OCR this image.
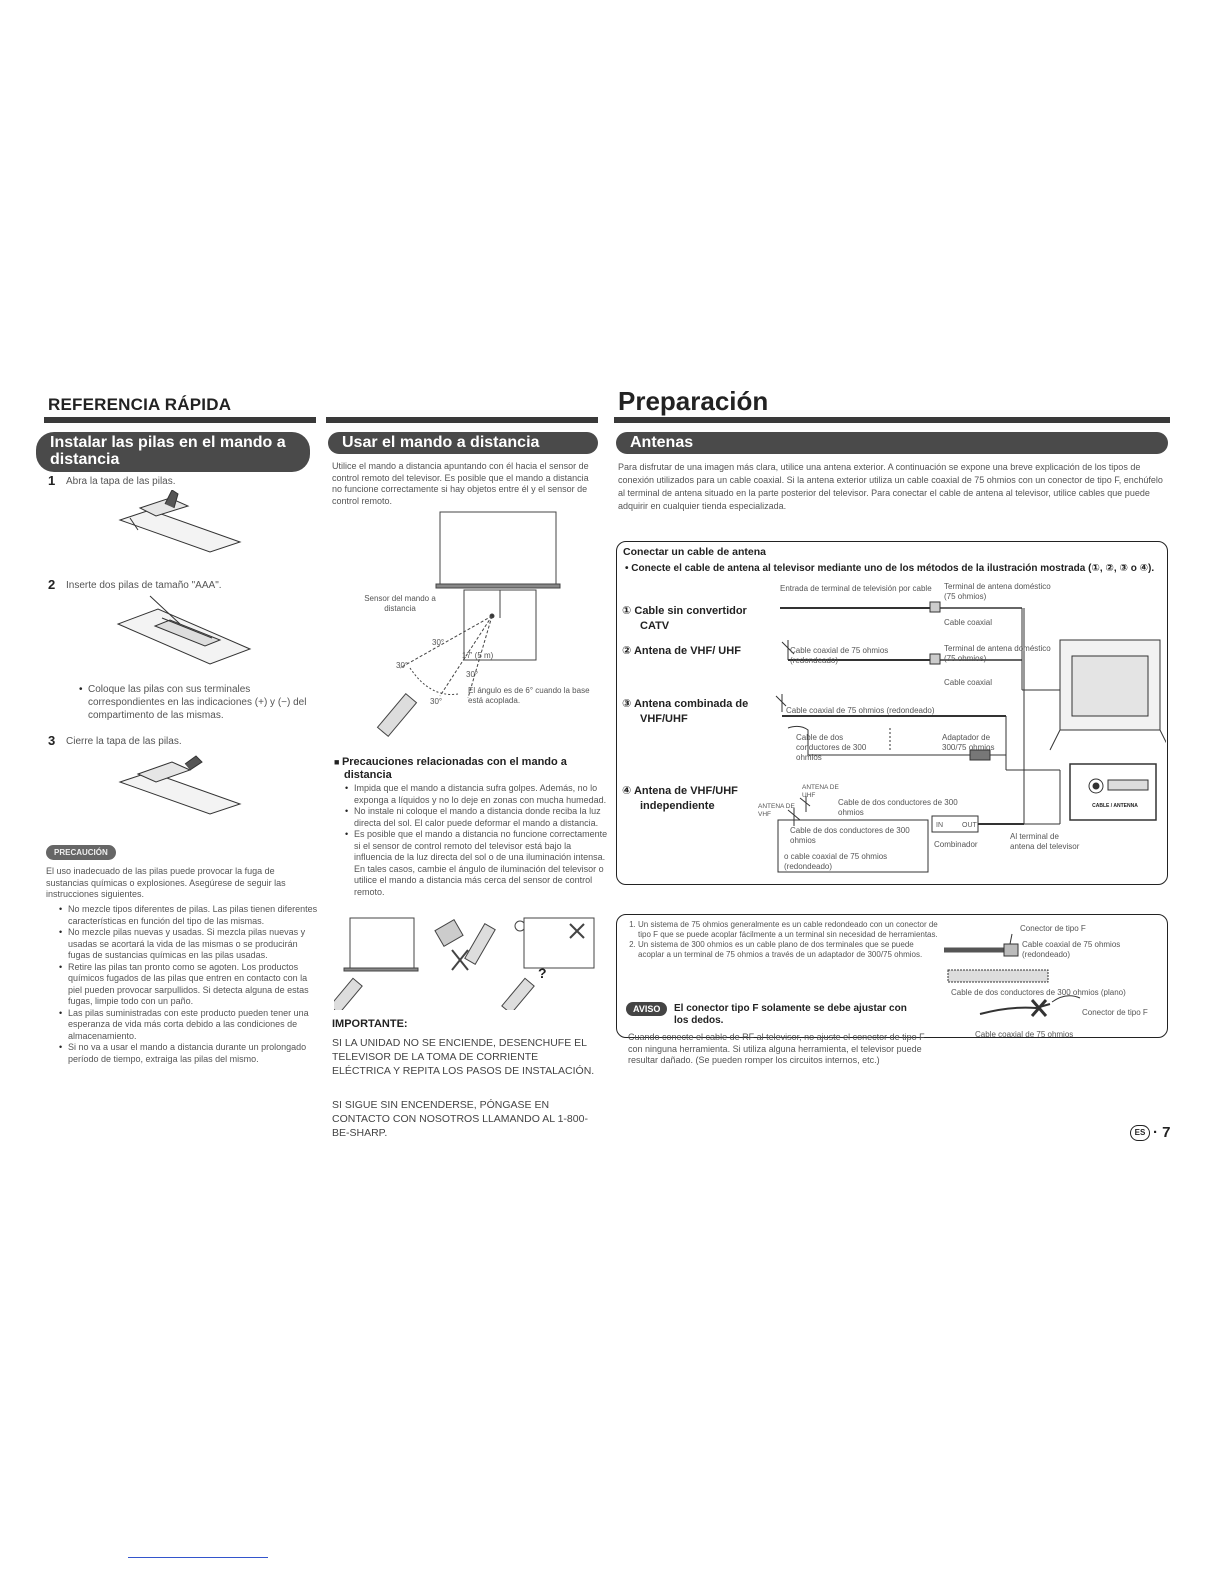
REFERENCIA RÁPIDA	Preparación
Instalar las pilas en el mando a distancia
1 Abra la tapa de las pilas.
2 Inserte dos pilas de tamaño "AAA".
• Coloque las pilas con sus terminales correspondientes en las indicaciones (+) y (−) del compartimento de las mismas.
3 Cierre la tapa de las pilas.
PRECAUCIÓN
El uso inadecuado de las pilas puede provocar la fuga de sustancias químicas o explosiones. Asegúrese de seguir las instrucciones siguientes.
• No mezcle tipos diferentes de pilas. Las pilas tienen diferentes características en función del tipo de las mismas.
• No mezcle pilas nuevas y usadas. Si mezcla pilas nuevas y usadas se acortará la vida de las mismas o se producirán fugas de sustancias químicas en las pilas usadas.
• Retire las pilas tan pronto como se agoten. Los productos químicos fugados de las pilas que entren en contacto con la piel pueden provocar sarpullidos. Si detecta alguna de estas fugas, limpie todo con un paño.
• Las pilas suministradas con este producto pueden tener una esperanza de vida más corta debido a las condiciones de almacenamiento.
• Si no va a usar el mando a distancia durante un prolongado período de tiempo, extraiga las pilas del mismo.
Usar el mando a distancia
Utilice el mando a distancia apuntando con él hacia el sensor de control remoto del televisor. Es posible que el mando a distancia no funcione correctamente si hay objetos entre él y el sensor de control remoto.
Sensor del mando a distancia
30°
30°
30°
30°
17' (5 m)
El ángulo es de 6° cuando la base está acoplada.
■ Precauciones relacionadas con el mando a distancia
• Impida que el mando a distancia sufra golpes. Además, no lo exponga a líquidos y no lo deje en zonas con mucha humedad.
• No instale ni coloque el mando a distancia donde reciba la luz directa del sol. El calor puede deformar el mando a distancia.
• Es posible que el mando a distancia no funcione correctamente si el sensor de control remoto del televisor está bajo la influencia de la luz directa del sol o de una iluminación intensa. En tales casos, cambie el ángulo de iluminación del televisor o utilice el mando a distancia más cerca del sensor de control remoto.
?
IMPORTANTE:
SI LA UNIDAD NO SE ENCIENDE, DESENCHUFE EL TELEVISOR DE LA TOMA DE CORRIENTE ELÉCTRICA Y REPITA LOS PASOS DE INSTALACIÓN.
SI SIGUE SIN ENCENDERSE, PÓNGASE EN CONTACTO CON NOSOTROS LLAMANDO AL 1-800-BE-SHARP.
Antenas
Para disfrutar de una imagen más clara, utilice una antena exterior. A continuación se expone una breve explicación de los tipos de conexión utilizados para un cable coaxial. Si la antena exterior utiliza un cable coaxial de 75 ohmios con un conector de tipo F, enchúfelo al terminal de antena situado en la parte posterior del televisor. Para conectar el cable de antena al televisor, utilice cables que puede adquirir en cualquier tienda especializada.
Conectar un cable de antena
• Conecte el cable de antena al televisor mediante uno de los métodos de la ilustración mostrada (①, ②, ③ o ④).
① Cable sin convertidor CATV
② Antena de VHF/ UHF
③ Antena combinada de VHF/UHF
④ Antena de VHF/UHF independiente
Entrada de terminal de televisión por cable	Terminal de antena doméstico (75 ohmios)
Cable coaxial
Cable coaxial de 75 ohmios (redondeado)
Terminal de antena doméstico (75 ohmios)
Cable coaxial
Cable coaxial de 75 ohmios (redondeado)
Cable de dos conductores de 300 ohmios
Adaptador de 300/75 ohmios
ANTENA DE UHF
ANTENA DE VHF
Cable de dos conductores de 300 ohmios
Cable de dos conductores de 300 ohmios
o cable coaxial de 75 ohmios (redondeado)
IN	OUT
Combinador
Al terminal de antena del televisor
CABLE / ANTENNA
1. Un sistema de 75 ohmios generalmente es un cable redondeado con un conector de tipo F que se puede acoplar fácilmente a un terminal sin necesidad de herramientas.
2. Un sistema de 300 ohmios es un cable plano de dos terminales que se puede acoplar a un terminal de 75 ohmios a través de un adaptador de 300/75 ohmios.
AVISO	El conector tipo F solamente se debe ajustar con los dedos.
Cuando conecte el cable de RF al televisor, no ajuste el conector de tipo F con ninguna herramienta. Si utiliza alguna herramienta, el televisor puede resultar dañado. (Se pueden romper los circuitos internos, etc.)
Conector de tipo F
Cable coaxial de 75 ohmios (redondeado)
Cable de dos conductores de 300 ohmios (plano)
Conector de tipo F
Cable coaxial de 75 ohmios
ES · 7
